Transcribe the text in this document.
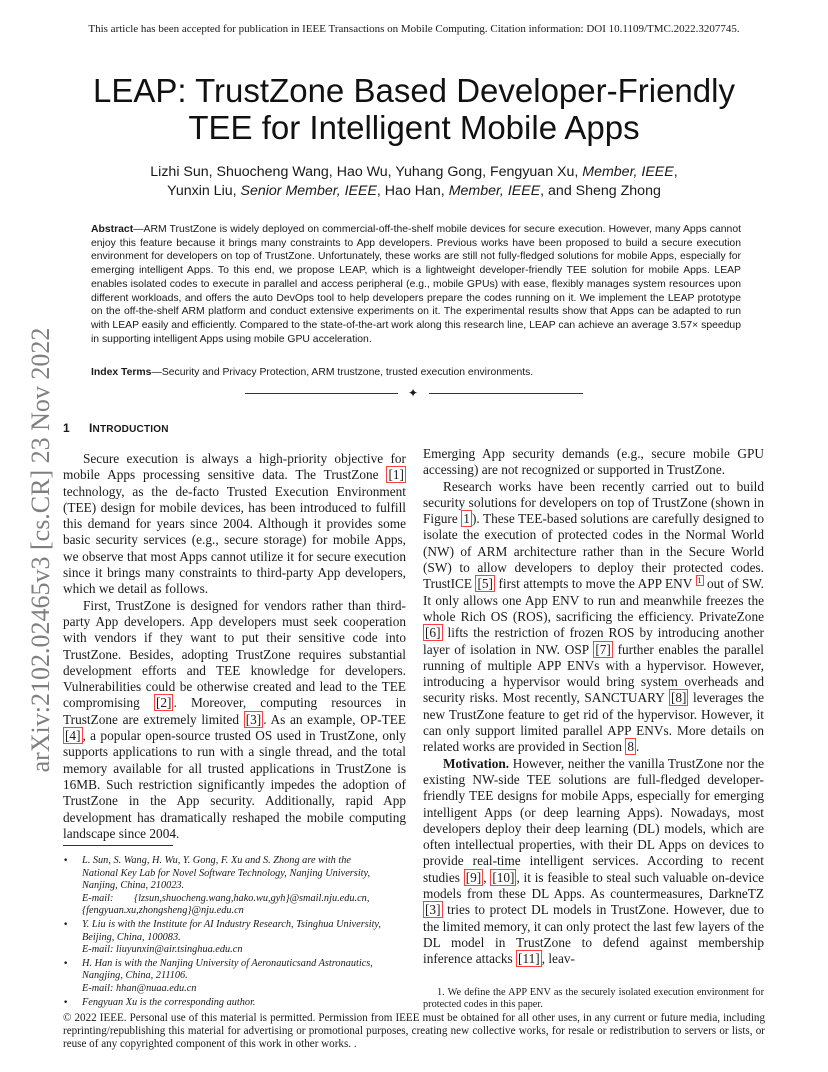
This article has been accepted for publication in IEEE Transactions on Mobile Computing. Citation information: DOI 10.1109/TMC.2022.3207745.
arXiv:2102.02465v3 [cs.CR] 23 Nov 2022
LEAP: TrustZone Based Developer-Friendly
TEE for Intelligent Mobile Apps
Lizhi Sun, Shuocheng Wang, Hao Wu, Yuhang Gong, Fengyuan Xu, Member, IEEE,
Yunxin Liu, Senior Member, IEEE, Hao Han, Member, IEEE, and Sheng Zhong
Abstract—ARM TrustZone is widely deployed on commercial-off-the-shelf mobile devices for secure execution. However, many Apps cannot enjoy this feature because it brings many constraints to App developers. Previous works have been proposed to build a secure execution environment for developers on top of TrustZone. Unfortunately, these works are still not fully-fledged solutions for mobile Apps, especially for emerging intelligent Apps. To this end, we propose LEAP, which is a lightweight developer-friendly TEE solution for mobile Apps. LEAP enables isolated codes to execute in parallel and access peripheral (e.g., mobile GPUs) with ease, flexibly manages system resources upon different workloads, and offers the auto DevOps tool to help developers prepare the codes running on it. We implement the LEAP prototype on the off-the-shelf ARM platform and conduct extensive experiments on it. The experimental results show that Apps can be adapted to run with LEAP easily and efficiently. Compared to the state-of-the-art work along this research line, LEAP can achieve an average 3.57× speedup in supporting intelligent Apps using mobile GPU acceleration.
Index Terms—Security and Privacy Protection, ARM trustzone, trusted execution environments.
✦
1 INTRODUCTION

Secure execution is always a high-priority objective for mobile Apps processing sensitive data. The TrustZone [1] technology, as the de-facto Trusted Execution Environment (TEE) design for mobile devices, has been introduced to fulfill this demand for years since 2004. Although it provides some basic security services (e.g., secure storage) for mobile Apps, we observe that most Apps cannot utilize it for secure execution since it brings many constraints to third-party App developers, which we detail as follows.

First, TrustZone is designed for vendors rather than third-party App developers. App developers must seek cooperation with vendors if they want to put their sensitive code into TrustZone. Besides, adopting TrustZone requires substantial development efforts and TEE knowledge for developers. Vulnerabilities could be otherwise created and lead to the TEE compromising [2] . Moreover, computing resources in TrustZone are extremely limited [3] . As an example, OP-TEE [4] , a popular open-source trusted OS used in TrustZone, only supports applications to run with a single thread, and the total memory available for all trusted applications in TrustZone is 16MB. Such restriction significantly impedes the adoption of TrustZone in the App security. Additionally, rapid App development has dramatically reshaped the mobile computing landscape since 2004.

Emerging App security demands (e.g., secure mobile GPU accessing) are not recognized or supported in TrustZone.

Research works have been recently carried out to build security solutions for developers on top of TrustZone (shown in Figure 1 ). These TEE-based solutions are carefully designed to isolate the execution of protected codes in the Normal World (NW) of ARM architecture rather than in the Secure World (SW) to allow developers to deploy their protected codes. TrustICE [5] first attempts to move the APP ENV $^1$ out of SW. It only allows one App ENV to run and meanwhile freezes the whole Rich OS (ROS), sacrificing the efficiency. PrivateZone [6] lifts the restriction of frozen ROS by introducing another layer of isolation in NW. OSP [7] further enables the parallel running of multiple APP ENVs with a hypervisor. However, introducing a hypervisor would bring system overheads and security risks. Most recently, SANCTUARY [8] leverages the new TrustZone feature to get rid of the hypervisor. However, it can only support limited parallel APP ENVs. More details on related works are provided in Section 8 .

Motivation. However, neither the vanilla TrustZone nor the existing NW-side TEE solutions are full-fledged developer-friendly TEE designs for mobile Apps, especially for emerging intelligent Apps (or deep learning Apps). Nowadays, most developers deploy their deep learning (DL) models, which are often intellectual properties, with their DL Apps on devices to provide real-time intelligent services. According to recent studies [9] , [10] , it is feasible to steal such valuable on-device models from these DL Apps. As countermeasures, DarkneTZ [3] tries to protect DL models in TrustZone. However, due to the limited memory, it can only protect the last few layers of the DL model in TrustZone to defend against membership inference attacks [11] , leav-

• L. Sun, S. Wang, H. Wu, Y. Gong, F. Xu and S. Zhong are with the
National Key Lab for Novel Software Technology, Nanjing University,
Nanjing, China, 210023.
E-mail:        {lzsun,shuocheng.wang,hako.wu,gyh}@smail.nju.edu.cn,
{fengyuan.xu,zhongsheng}@nju.edu.cn
• Y. Liu is with the Institute for AI Industry Research, Tsinghua University,
Beijing, China, 100083.
E-mail: liuyunxin@air.tsinghua.edu.cn
• H. Han is with the Nanjing University of Aeronauticsand Astronautics,
Nangjing, China, 211106.
E-mail: hhan@nuaa.edu.cn
• Fengyuan Xu is the corresponding author.
1. We define the APP ENV as the securely isolated execution environment for protected codes in this paper.
© 2022 IEEE. Personal use of this material is permitted. Permission from IEEE must be obtained for all other uses, in any current or future media, including reprinting/republishing this material for advertising or promotional purposes, creating new collective works, for resale or redistribution to servers or lists, or reuse of any copyrighted component of this work in other works. .
